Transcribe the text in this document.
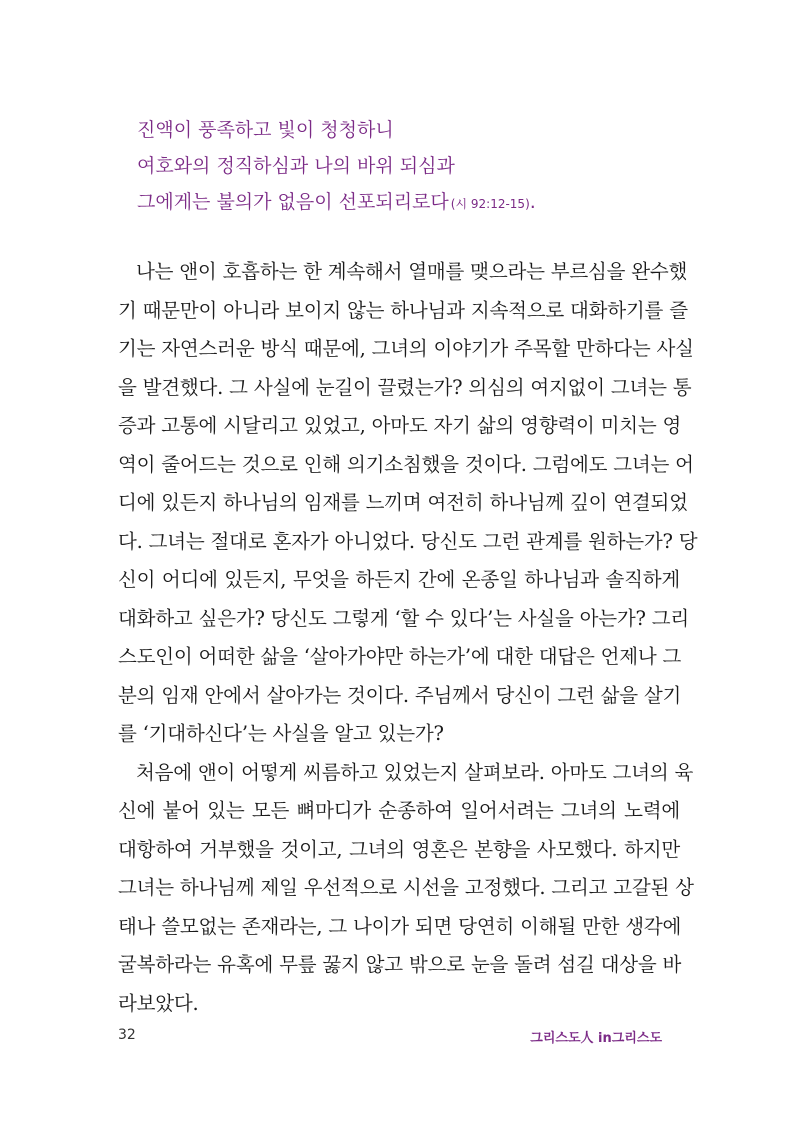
진액이 풍족하고 빛이 청청하니
여호와의 정직하심과 나의 바위 되심과
그에게는 불의가 없음이 선포되리로다 (시 92:12-15).
나는 앤이 호흡하는 한 계속해서 열매를 맺으라는 부르심을 완수했
기 때문만이 아니라 보이지 않는 하나님과 지속적으로 대화하기를 즐
기는 자연스러운 방식 때문에, 그녀의 이야기가 주목할 만하다는 사실
을 발견했다. 그 사실에 눈길이 끌렸는가? 의심의 여지없이 그녀는 통
증과 고통에 시달리고 있었고, 아마도 자기 삶의 영향력이 미치는 영
역이 줄어드는 것으로 인해 의기소침했을 것이다. 그럼에도 그녀는 어
디에 있든지 하나님의 임재를 느끼며 여전히 하나님께 깊이 연결되었
다. 그녀는 절대로 혼자가 아니었다. 당신도 그런 관계를 원하는가? 당
신이 어디에 있든지, 무엇을 하든지 간에 온종일 하나님과 솔직하게
대화하고 싶은가? 당신도 그렇게 ‘할 수 있다’는 사실을 아는가? 그리
스도인이 어떠한 삶을 ‘살아가야만 하는가’에 대한 대답은 언제나 그
분의 임재 안에서 살아가는 것이다. 주님께서 당신이 그런 삶을 살기
를 ‘기대하신다’는 사실을 알고 있는가?
처음에 앤이 어떻게 씨름하고 있었는지 살펴보라. 아마도 그녀의 육
신에 붙어 있는 모든 뼈마디가 순종하여 일어서려는 그녀의 노력에
대항하여 거부했을 것이고, 그녀의 영혼은 본향을 사모했다. 하지만
그녀는 하나님께 제일 우선적으로 시선을 고정했다. 그리고 고갈된 상
태나 쓸모없는 존재라는, 그 나이가 되면 당연히 이해될 만한 생각에
굴복하라는 유혹에 무릎 꿇지 않고 밖으로 눈을 돌려 섬길 대상을 바
라보았다.
32	그리스도人 in그리스도
